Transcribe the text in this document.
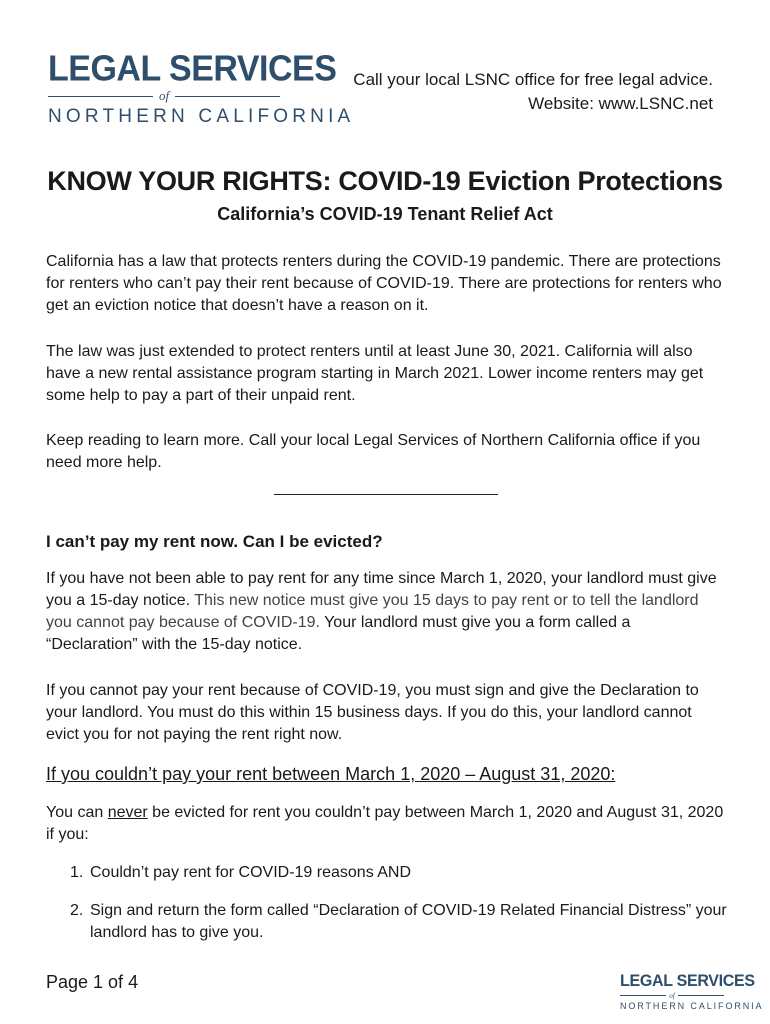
LEGAL SERVICES
of
NORTHERN CALIFORNIA
Call your local LSNC office for free legal advice.
Website: www.LSNC.net
KNOW YOUR RIGHTS: COVID-19 Eviction Protections
California’s COVID-19 Tenant Relief Act
California has a law that protects renters during the COVID-19 pandemic. There are protections for renters who can’t pay their rent because of COVID-19. There are protections for renters who get an eviction notice that doesn’t have a reason on it.
The law was just extended to protect renters until at least June 30, 2021. California will also have a new rental assistance program starting in March 2021. Lower income renters may get some help to pay a part of their unpaid rent.
Keep reading to learn more. Call your local Legal Services of Northern California office if you need more help.
I can’t pay my rent now. Can I be evicted?
If you have not been able to pay rent for any time since March 1, 2020, your landlord must give you a 15-day notice. This new notice must give you 15 days to pay rent or to tell the landlord you cannot pay because of COVID-19. Your landlord must give you a form called a “Declaration” with the 15-day notice.
If you cannot pay your rent because of COVID-19, you must sign and give the Declaration to your landlord. You must do this within 15 business days. If you do this, your landlord cannot evict you for not paying the rent right now.
If you couldn’t pay your rent between March 1, 2020 – August 31, 2020:
You can never be evicted for rent you couldn’t pay between March 1, 2020 and August 31, 2020 if you:
1. Couldn’t pay rent for COVID-19 reasons AND
2. Sign and return the form called “Declaration of COVID-19 Related Financial Distress” your landlord has to give you.
Page 1 of 4	LEGAL SERVICES
of
NORTHERN CALIFORNIA
